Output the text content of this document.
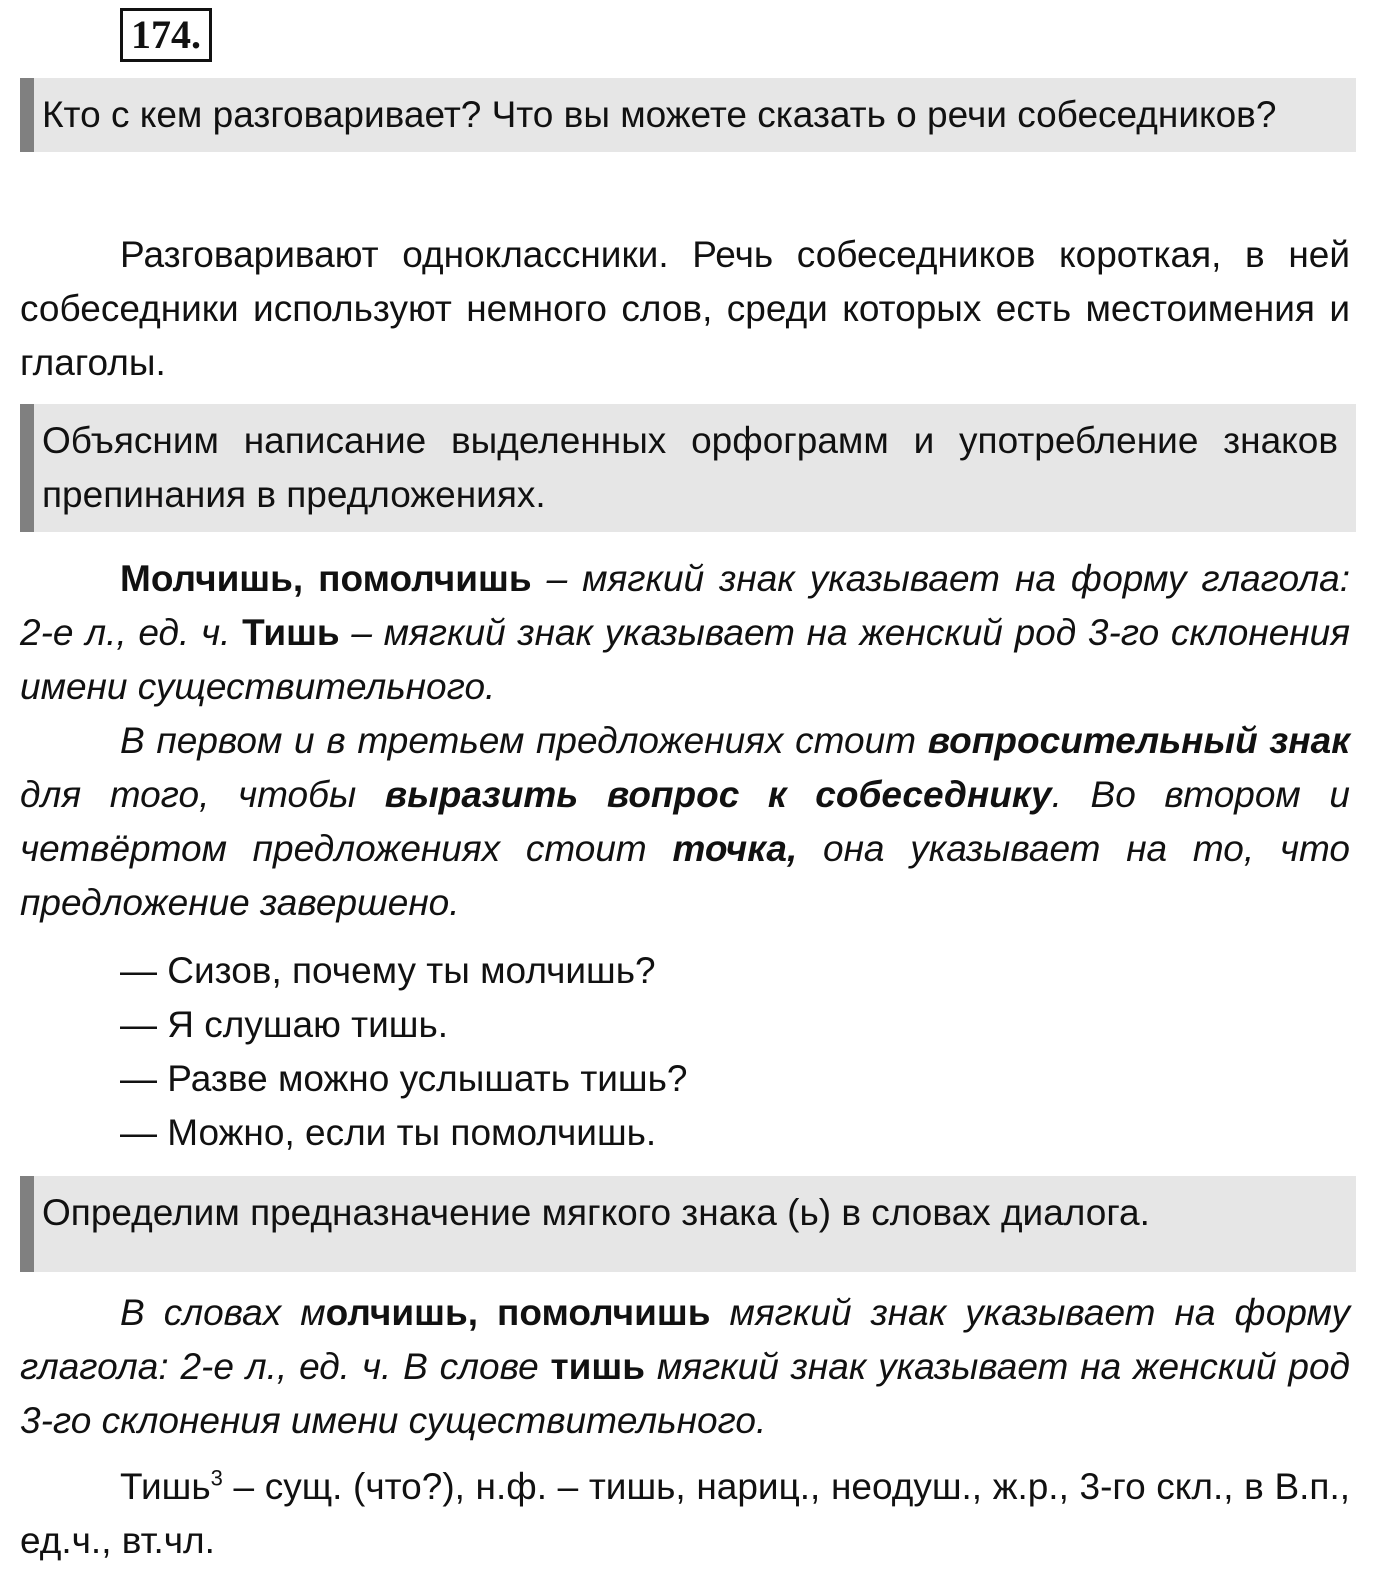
174.
Кто с кем разговаривает? Что вы можете сказать о речи собеседников?

Разговаривают одноклассники. Речь собеседников короткая, в ней собеседники используют немного слов, среди которых есть местоимения и глаголы.

Объясним написание выделенных орфограмм и употребление знаков препинания в предложениях.

Молчишь, помолчишь – мягкий знак указывает на форму глагола: 2-е л., ед. ч. Тишь – мягкий знак указывает на женский род 3-го склонения имени существительного.

В первом и в третьем предложениях стоит вопросительный знак для того, чтобы выразить вопрос к собеседнику. Во втором и четвёртом предложениях стоит точка, она указывает на то, что предложение завершено.

— Сизов, почему ты молчишь?
— Я слушаю тишь.
— Разве можно услышать тишь?
— Можно, если ты помолчишь.
Определим предназначение мягкого знака (ь) в словах диалога.

В словах молчишь, помолчишь мягкий знак указывает на форму глагола: 2-е л., ед. ч. В слове тишь мягкий знак указывает на женский род 3-го склонения имени существительного.

Тишь$^3$ – сущ. (что?), н.ф. – тишь, нариц., неодуш., ж.р., 3-го скл., в В.п., ед.ч., вт.чл.
